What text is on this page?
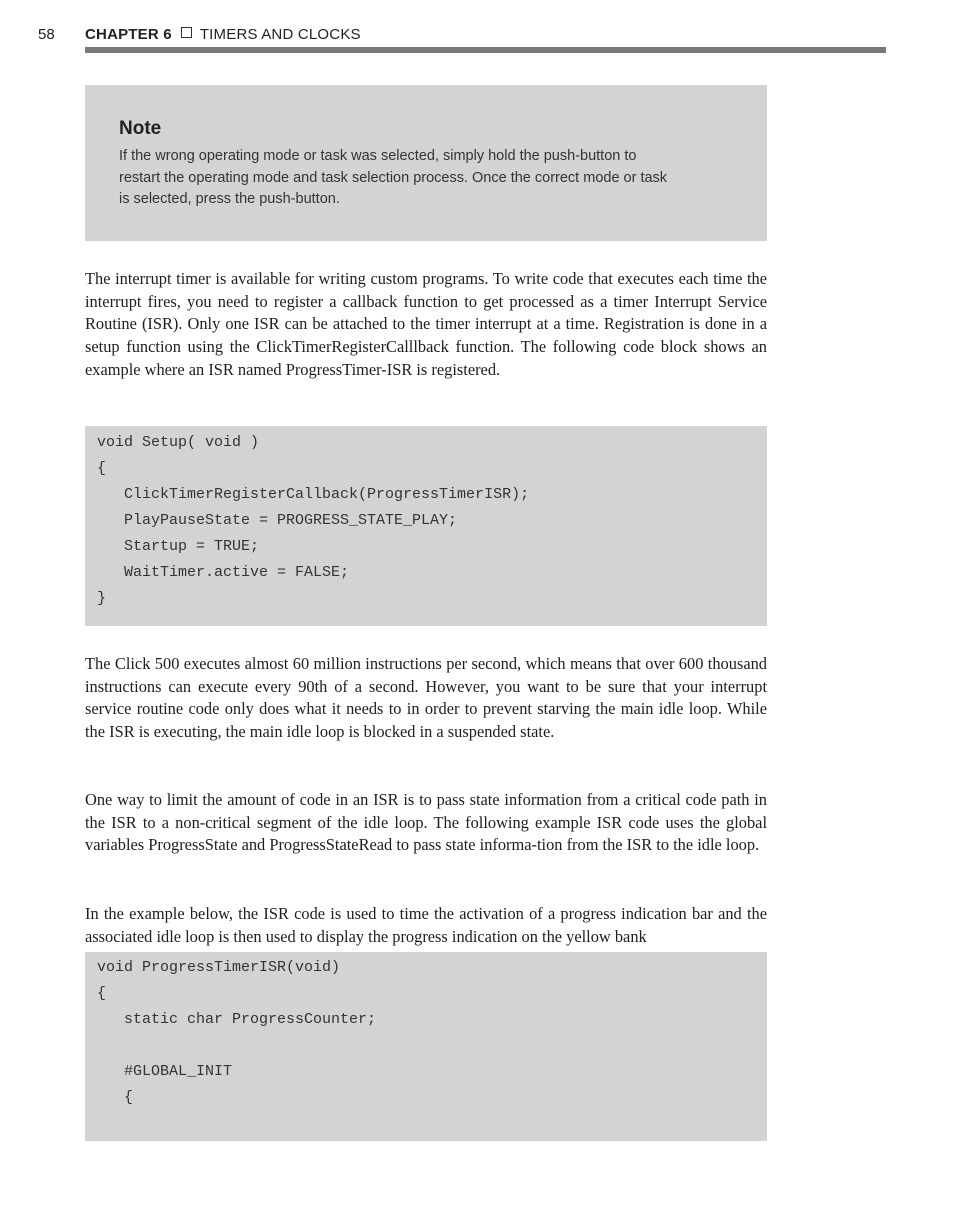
58 CHAPTER 6 TIMERS AND CLOCKS
Note
If the wrong operating mode or task was selected, simply hold the push-button to
restart the operating mode and task selection process. Once the correct mode or task
is selected, press the push-button.

The interrupt timer is available for writing custom programs. To write code that executes each time the interrupt fires, you need to register a callback function to get processed as a timer Interrupt Service Routine (ISR). Only one ISR can be attached to the timer interrupt at a time. Registration is done in a setup function using the ClickTimerRegisterCalllback function. The following code block shows an example where an ISR named ProgressTimer-ISR is registered.

void Setup( void )
{
ClickTimerRegisterCallback(ProgressTimerISR);
PlayPauseState = PROGRESS_STATE_PLAY;
Startup = TRUE;
WaitTimer.active = FALSE;
}

The Click 500 executes almost 60 million instructions per second, which means that over 600 thousand instructions can execute every 90th of a second. However, you want to be sure that your interrupt service routine code only does what it needs to in order to prevent starving the main idle loop. While the ISR is executing, the main idle loop is blocked in a suspended state.

One way to limit the amount of code in an ISR is to pass state information from a critical code path in the ISR to a non-critical segment of the idle loop. The following example ISR code uses the global variables ProgressState and ProgressStateRead to pass state informa-tion from the ISR to the idle loop.

In the example below, the ISR code is used to time the activation of a progress indication bar and the associated idle loop is then used to display the progress indication on the yellow bank

void ProgressTimerISR(void)
{
static char ProgressCounter;
#GLOBAL_INIT
{
